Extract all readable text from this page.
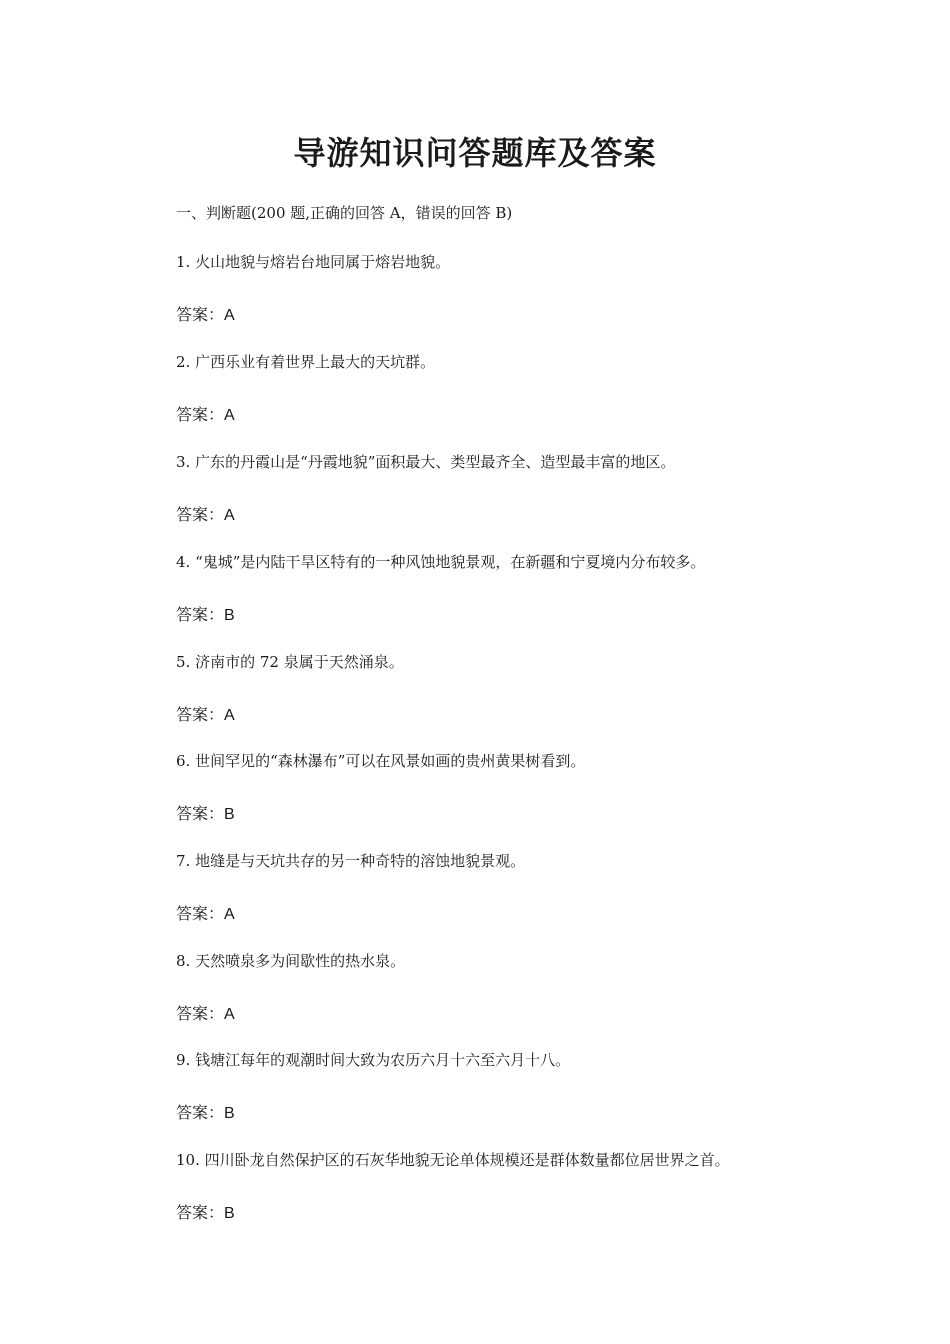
导游知识问答题库及答案
一、判断题(200 题,正确的回答 A，错误的回答 B)
1. 火山地貌与熔岩台地同属于熔岩地貌。
答案：A
2. 广西乐业有着世界上最大的天坑群。
答案：A
3. 广东的丹霞山是“丹霞地貌”面积最大、类型最齐全、造型最丰富的地区。
答案：A
4. “鬼城”是内陆干旱区特有的一种风蚀地貌景观，在新疆和宁夏境内分布较多。
答案：B
5. 济南市的 72 泉属于天然涌泉。
答案：A
6. 世间罕见的“森林瀑布”可以在风景如画的贵州黄果树看到。
答案：B
7. 地缝是与天坑共存的另一种奇特的溶蚀地貌景观。
答案：A
8. 天然喷泉多为间歇性的热水泉。
答案：A
9. 钱塘江每年的观潮时间大致为农历六月十六至六月十八。
答案：B
10. 四川卧龙自然保护区的石灰华地貌无论单体规模还是群体数量都位居世界之首。
答案：B
